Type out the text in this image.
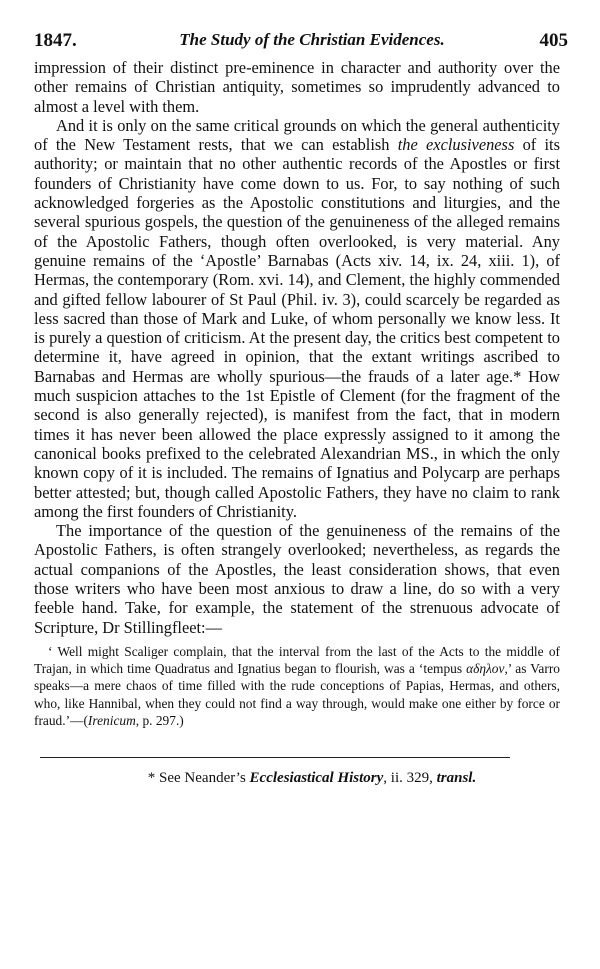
1847.	The Study of the Christian Evidences.	405

impression of their distinct pre-eminence in character and authority over the other remains of Christian antiquity, sometimes so imprudently advanced to almost a level with them.

And it is only on the same critical grounds on which the general authenticity of the New Testament rests, that we can establish the exclusiveness of its authority; or maintain that no other authentic records of the Apostles or first founders of Christianity have come down to us. For, to say nothing of such acknowledged forgeries as the Apostolic constitutions and liturgies, and the several spurious gospels, the question of the genuineness of the alleged remains of the Apostolic Fathers, though often overlooked, is very material. Any genuine remains of the ‘Apostle’ Barnabas (Acts xiv. 14, ix. 24, xiii. 1), of Hermas, the contemporary (Rom. xvi. 14), and Clement, the highly commended and gifted fellow labourer of St Paul (Phil. iv. 3), could scarcely be regarded as less sacred than those of Mark and Luke, of whom personally we know less. It is purely a question of criticism. At the present day, the critics best competent to determine it, have agreed in opinion, that the extant writings ascribed to Barnabas and Hermas are wholly spurious—the frauds of a later age.* How much suspicion attaches to the 1st Epistle of Clement (for the fragment of the second is also generally rejected), is manifest from the fact, that in modern times it has never been allowed the place expressly assigned to it among the canonical books prefixed to the celebrated Alexandrian MS., in which the only known copy of it is included. The remains of Ignatius and Polycarp are perhaps better attested; but, though called Apostolic Fathers, they have no claim to rank among the first founders of Christianity.

The importance of the question of the genuineness of the remains of the Apostolic Fathers, is often strangely overlooked; nevertheless, as regards the actual companions of the Apostles, the least consideration shows, that even those writers who have been most anxious to draw a line, do so with a very feeble hand. Take, for example, the statement of the strenuous advocate of Scripture, Dr Stillingfleet:—

‘ Well might Scaliger complain, that the interval from the last of the Acts to the middle of Trajan, in which time Quadratus and Ignatius began to flourish, was a ‘tempus αδηλον,’ as Varro speaks—a mere chaos of time filled with the rude conceptions of Papias, Hermas, and others, who, like Hannibal, when they could not find a way through, would make one either by force or fraud.’—(Irenicum, p. 297.)
* See Neander’s Ecclesiastical History, ii. 329, transl.
